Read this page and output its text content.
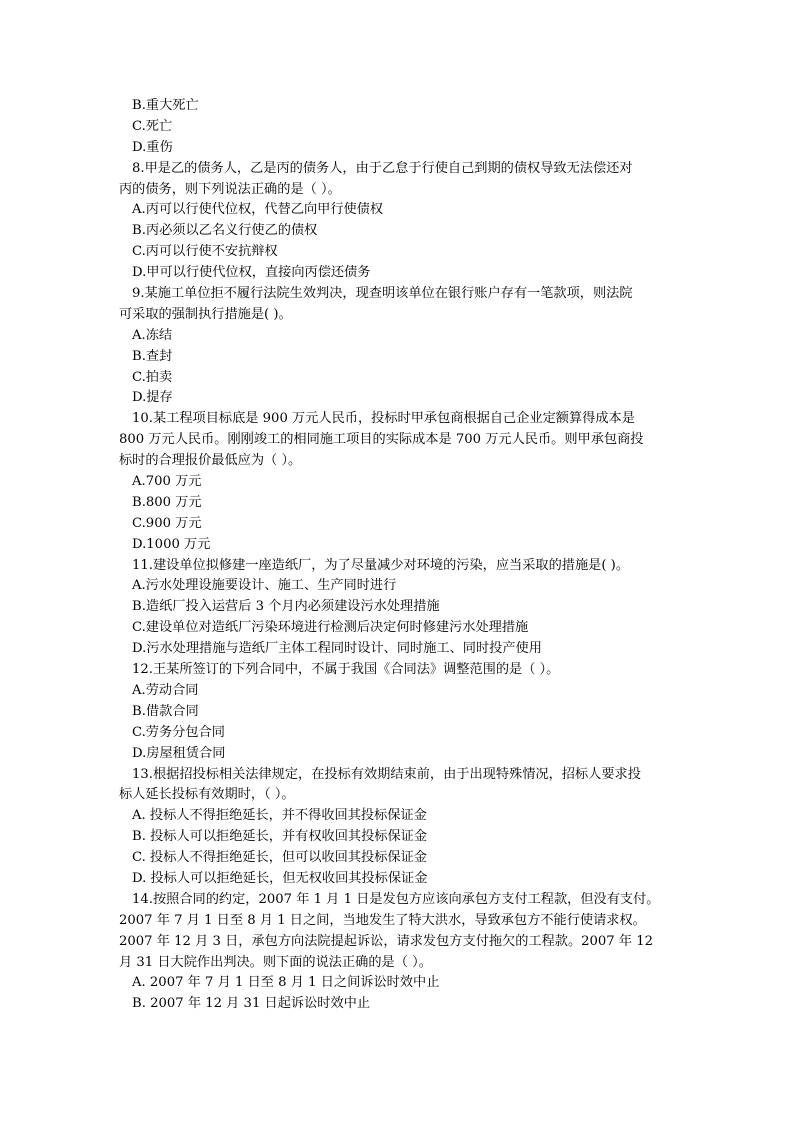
B.重大死亡
C.死亡
D.重伤
8.甲是乙的债务人，乙是丙的债务人，由于乙怠于行使自己到期的债权导致无法偿还对
丙的债务，则下列说法正确的是（ ）。
A.丙可以行使代位权，代替乙向甲行使债权
B.丙必须以乙名义行使乙的债权
C.丙可以行使不安抗辩权
D.甲可以行使代位权，直接向丙偿还债务
9.某施工单位拒不履行法院生效判决，现查明该单位在银行账户存有一笔款项，则法院
可采取的强制执行措施是( )。
A.冻结
B.查封
C.拍卖
D.提存
10.某工程项目标底是 900 万元人民币，投标时甲承包商根据自己企业定额算得成本是
800 万元人民币。刚刚竣工的相同施工项目的实际成本是 700 万元人民币。则甲承包商投
标时的合理报价最低应为（ ）。
A.700 万元
B.800 万元
C.900 万元
D.1000 万元
11.建设单位拟修建一座造纸厂，为了尽量减少对环境的污染，应当采取的措施是( )。
A.污水处理设施要设计、施工、生产同时进行
B.造纸厂投入运营后 3 个月内必须建设污水处理措施
C.建设单位对造纸厂污染环境进行检测后决定何时修建污水处理措施
D.污水处理措施与造纸厂主体工程同时设计、同时施工、同时投产使用
12.王某所签订的下列合同中，不属于我国《合同法》调整范围的是（ ）。
A.劳动合同
B.借款合同
C.劳务分包合同
D.房屋租赁合同
13.根据招投标相关法律规定，在投标有效期结束前，由于出现特殊情况，招标人要求投
标人延长投标有效期时，（ ）。
A. 投标人不得拒绝延长，并不得收回其投标保证金
B. 投标人可以拒绝延长，并有权收回其投标保证金
C. 投标人不得拒绝延长，但可以收回其投标保证金
D. 投标人可以拒绝延长，但无权收回其投标保证金
14.按照合同的约定，2007 年 1 月 1 日是发包方应该向承包方支付工程款，但没有支付。
2007 年 7 月 1 日至 8 月 1 日之间，当地发生了特大洪水，导致承包方不能行使请求权。
2007 年 12 月 3 日，承包方向法院提起诉讼，请求发包方支付拖欠的工程款。2007 年 12
月 31 日大院作出判决。则下面的说法正确的是（ ）。
A. 2007 年 7 月 1 日至 8 月 1 日之间诉讼时效中止
B. 2007 年 12 月 31 日起诉讼时效中止
